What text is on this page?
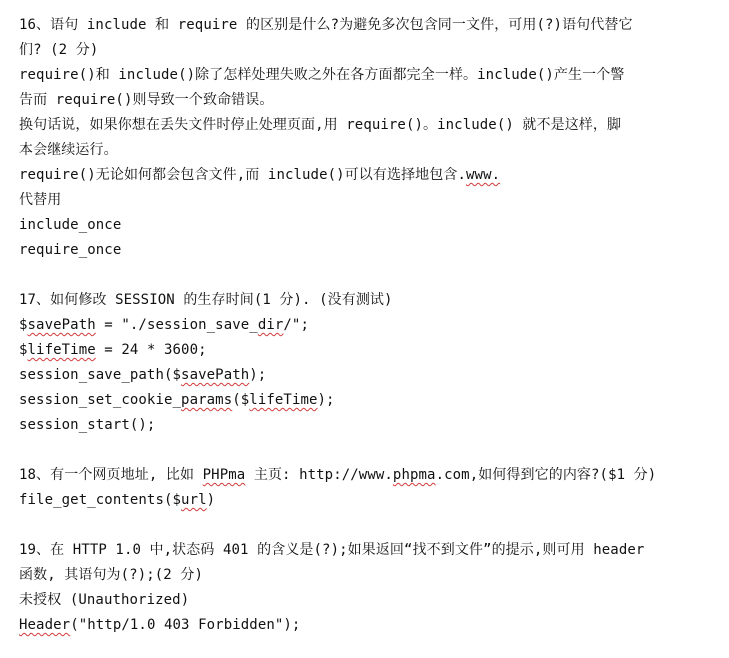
16、语句 include 和 require 的区别是什么?为避免多次包含同一文件，可用(?)语句代替它
们? (2 分)
require()和 include()除了怎样处理失败之外在各方面都完全一样。include()产生一个警
告而 require()则导致一个致命错误。
换句话说，如果你想在丢失文件时停止处理页面,用 require()。include() 就不是这样，脚
本会继续运行。
require()无论如何都会包含文件,而 include()可以有选择地包含.www.
代替用
include_once
require_once
17、如何修改 SESSION 的生存时间(1 分). (没有测试)
$savePath = "./session_save_dir/";
$lifeTime = 24 * 3600;
session_save_path($savePath);
session_set_cookie_params($lifeTime);
session_start();
18、有一个网页地址, 比如 PHPma 主页: http://www.phpma.com,如何得到它的内容?($1 分)
file_get_contents($url)
19、在 HTTP 1.0 中,状态码 401 的含义是(?);如果返回“找不到文件”的提示,则可用 header
函数, 其语句为(?);(2 分)
未授权 (Unauthorized)
Header("http/1.0 403 Forbidden");
